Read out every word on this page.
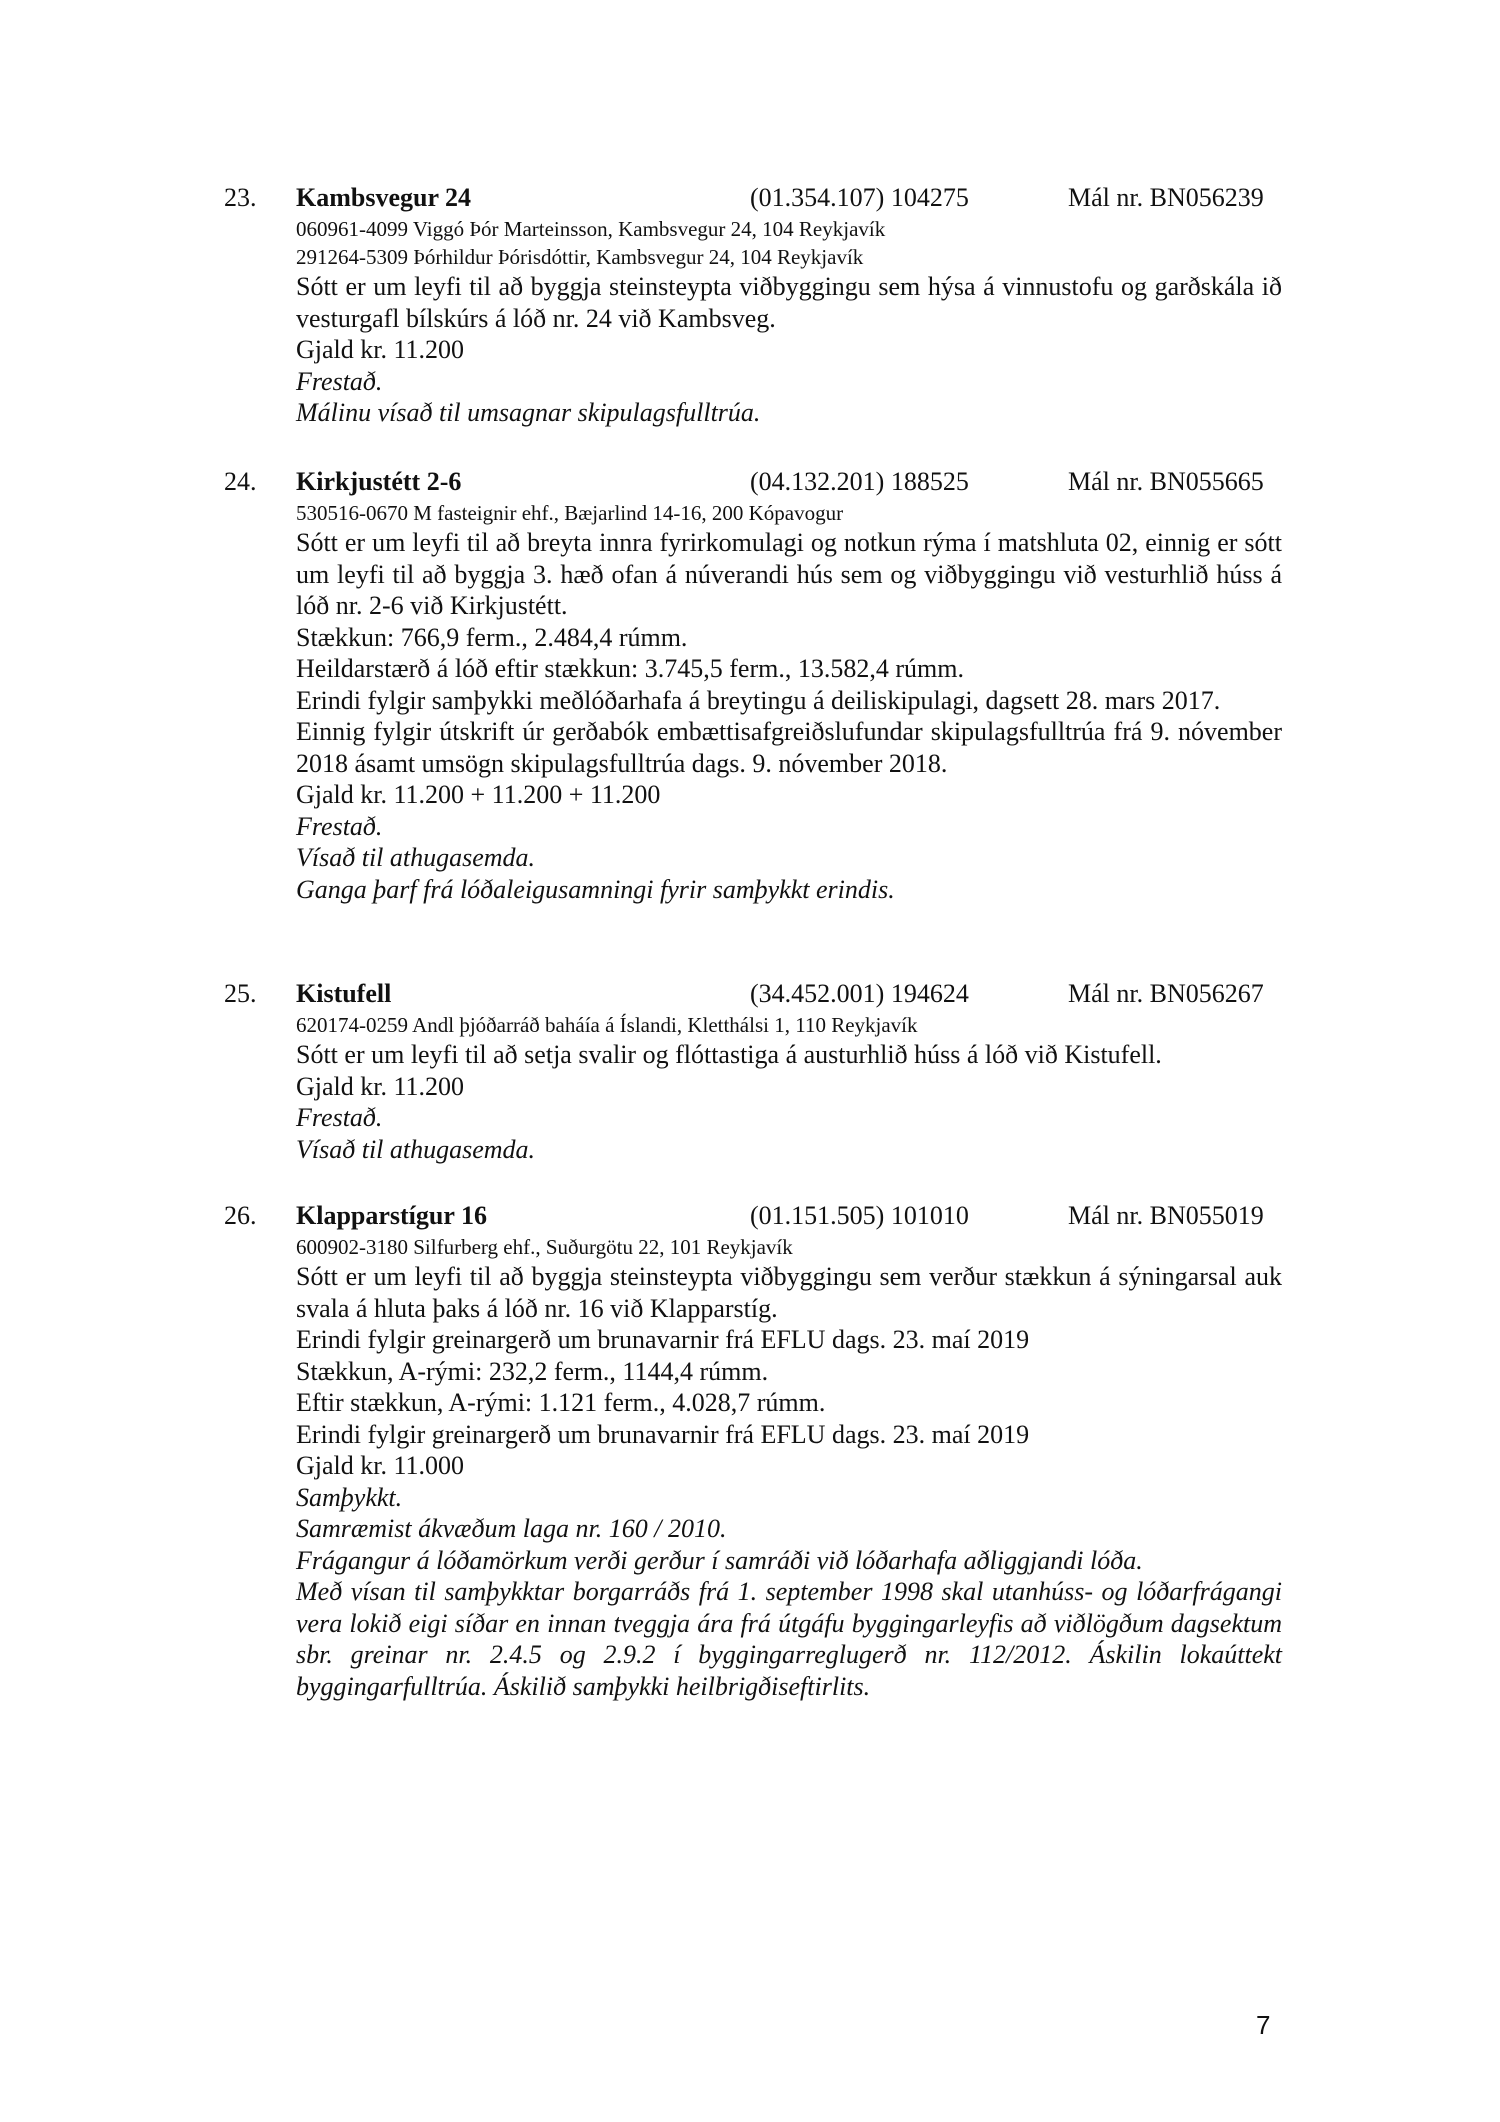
23. Kambsvegur 24	(01.354.107) 104275	Mál nr. BN056239
060961-4099 Viggó Þór Marteinsson, Kambsvegur 24, 104 Reykjavík
291264-5309 Þórhildur Þórisdóttir, Kambsvegur 24, 104 Reykjavík
Sótt er um leyfi til að byggja steinsteypta viðbyggingu sem hýsa á vinnustofu og garðskála ið vesturgafl bílskúrs á lóð nr. 24 við Kambsveg.
Gjald kr. 11.200
Frestað.
Málinu vísað til umsagnar skipulagsfulltrúa.
24. Kirkjustétt 2-6	(04.132.201) 188525	Mál nr. BN055665
530516-0670 M fasteignir ehf., Bæjarlind 14-16, 200 Kópavogur
Sótt er um leyfi til að breyta innra fyrirkomulagi og notkun rýma í matshluta 02, einnig er sótt um leyfi til að byggja 3. hæð ofan á núverandi hús sem og viðbyggingu við vesturhlið húss á lóð nr. 2-6 við Kirkjustétt.
Stækkun: 766,9 ferm., 2.484,4 rúmm.
Heildarstærð á lóð eftir stækkun: 3.745,5 ferm., 13.582,4 rúmm.
Erindi fylgir samþykki meðlóðarhafa á breytingu á deiliskipulagi, dagsett 28. mars 2017.
Einnig fylgir útskrift úr gerðabók embættisafgreiðslufundar skipulagsfulltrúa frá 9. nóvember 2018 ásamt umsögn skipulagsfulltrúa dags. 9. nóvember 2018.
Gjald kr. 11.200 + 11.200 + 11.200
Frestað.
Vísað til athugasemda.
Ganga þarf frá lóðaleigusamningi fyrir samþykkt erindis.
25. Kistufell	(34.452.001) 194624	Mál nr. BN056267
620174-0259 Andl þjóðarráð baháía á Íslandi, Kletthálsi 1, 110 Reykjavík
Sótt er um leyfi til að setja svalir og flóttastiga á austurhlið húss á lóð við Kistufell.
Gjald kr. 11.200
Frestað.
Vísað til athugasemda.
26. Klapparstígur 16	(01.151.505) 101010	Mál nr. BN055019
600902-3180 Silfurberg ehf., Suðurgötu 22, 101 Reykjavík
Sótt er um leyfi til að byggja steinsteypta viðbyggingu sem verður stækkun á sýningarsal auk svala á hluta þaks á lóð nr. 16 við Klapparstíg.
Erindi fylgir greinargerð um brunavarnir frá EFLU dags. 23. maí 2019
Stækkun, A-rými: 232,2 ferm., 1144,4 rúmm.
Eftir stækkun, A-rými: 1.121 ferm., 4.028,7 rúmm.
Erindi fylgir greinargerð um brunavarnir frá EFLU dags. 23. maí 2019
Gjald kr. 11.000
Samþykkt.
Samræmist ákvæðum laga nr. 160 / 2010.
Frágangur á lóðamörkum verði gerður í samráði við lóðarhafa aðliggjandi lóða.
Með vísan til samþykktar borgarráðs frá 1. september 1998 skal utanhúss- og lóðarfrágangi vera lokið eigi síðar en innan tveggja ára frá útgáfu byggingarleyfis að viðlögðum dagsektum sbr. greinar nr. 2.4.5 og 2.9.2 í byggingarreglugerð nr. 112/2012. Áskilin lokaúttekt byggingarfulltrúa. Áskilið samþykki heilbrigðiseftirlits.
7
